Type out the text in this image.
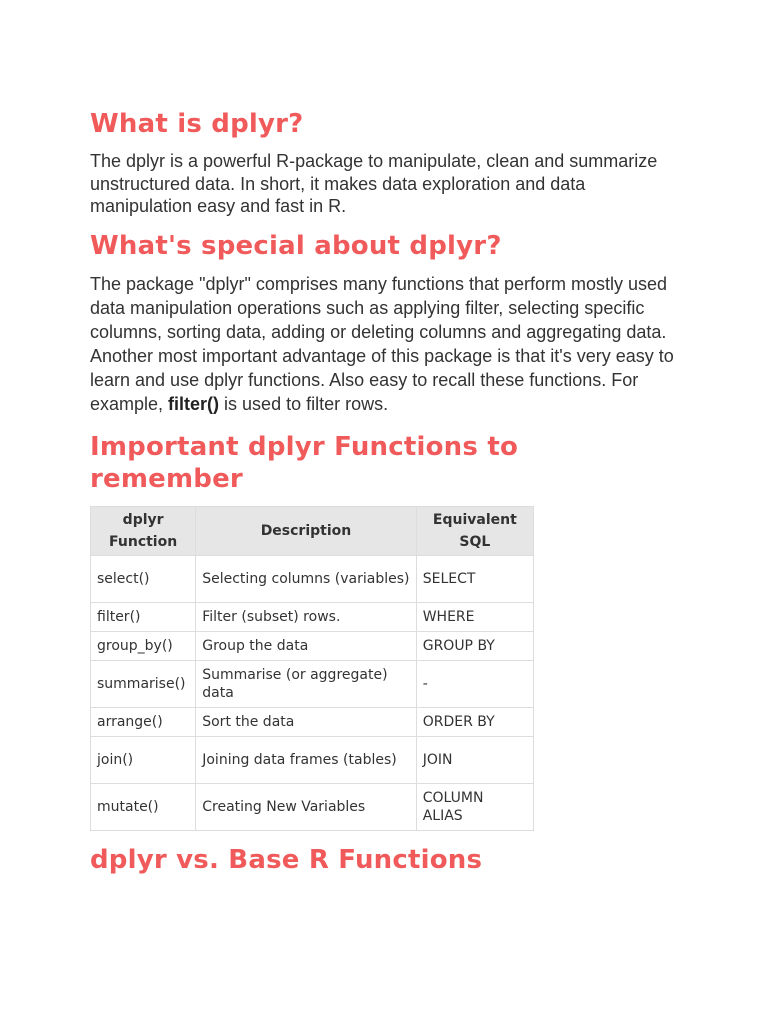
What is dplyr?

The dplyr is a powerful R-package to manipulate, clean and summarize unstructured data. In short, it makes data exploration and data manipulation easy and fast in R.

What's special about dplyr?

The package "dplyr" comprises many functions that perform mostly used data manipulation operations such as applying filter, selecting specific columns, sorting data, adding or deleting columns and aggregating data. Another most important advantage of this package is that it's very easy to learn and use dplyr functions. Also easy to recall these functions. For example, filter() is used to filter rows.

Important dplyr Functions to remember
dplyr Function	Description	Equivalent SQL
select()	Selecting columns (variables)	SELECT
filter()	Filter (subset) rows.	WHERE
group_by()	Group the data	GROUP BY
summarise()	Summarise (or aggregate) data	-
arrange()	Sort the data	ORDER BY
join()	Joining data frames (tables)	JOIN
mutate()	Creating New Variables	COLUMN ALIAS
dplyr vs. Base R Functions
